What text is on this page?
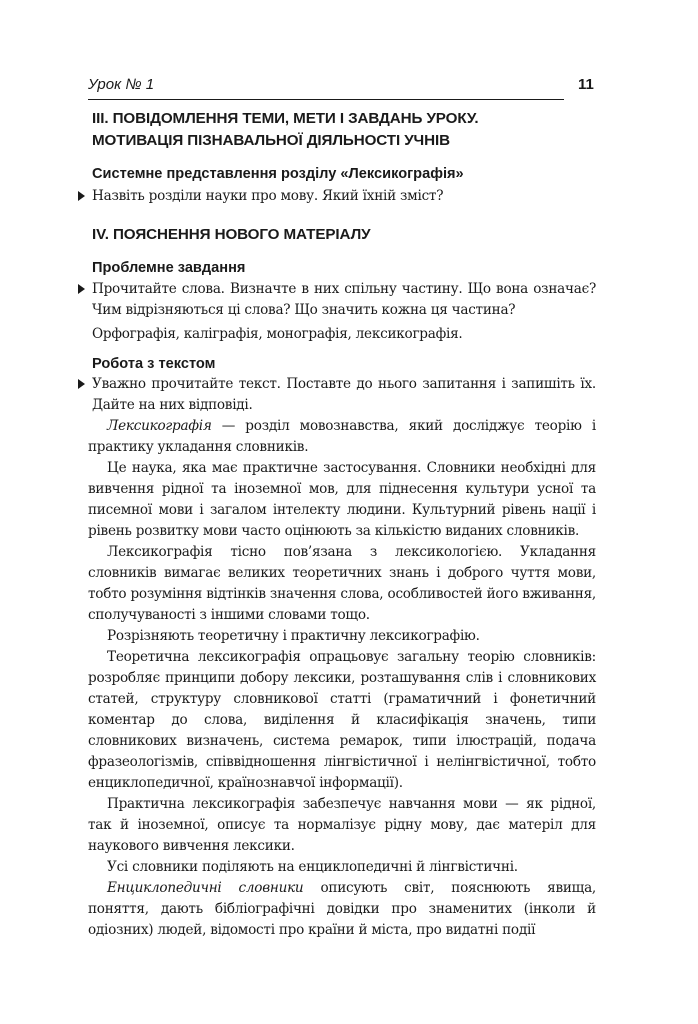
Урок № 1	11
III. ПОВІДОМЛЕННЯ ТЕМИ, МЕТИ І ЗАВДАНЬ УРОКУ.
МОТИВАЦІЯ ПІЗНАВАЛЬНОЇ ДІЯЛЬНОСТІ УЧНІВ
Системне представлення розділу «Лексикографія»
Назвіть розділи науки про мову. Який їхній зміст?
IV. ПОЯСНЕННЯ НОВОГО МАТЕРІАЛУ
Проблемне завдання
Прочитайте слова. Визначте в них спільну частину. Що вона означає? Чим відрізняються ці слова? Що значить кожна ця частина?

Орфографія, каліграфія, монографія, лексикографія.

Робота з текстом
Уважно прочитайте текст. Поставте до нього запитання і запишіть їх. Дайте на них відповіді.

Лексикографія — розділ мовознавства, який досліджує теорію і практику укладання словників.

Це наука, яка має практичне застосування. Словники необхідні для вивчення рідної та іноземної мов, для піднесення культури усної та писемної мови і загалом інтелекту людини. Культурний рівень нації і рівень розвитку мови часто оцінюють за кількістю виданих словників.

Лексикографія тісно пов’язана з лексикологією. Укладання словників вимагає великих теоретичних знань і доброго чуття мови, тобто розуміння відтінків значення слова, особливостей його вживання, сполучуваності з іншими словами тощо.

Розрізняють теоретичну і практичну лексикографію.

Теоретична лексикографія опрацьовує загальну теорію словників: розробляє принципи добору лексики, розташування слів і словникових статей, структуру словникової статті (граматичний і фонетичний коментар до слова, виділення й класифікація значень, типи словникових визначень, система ремарок, типи ілюстрацій, подача фразеологізмів, співвідношення лінгвістичної і нелінгвістичної, тобто енциклопедичної, країнознавчої інформації).

Практична лексикографія забезпечує навчання мови — як рідної, так й іноземної, описує та нормалізує рідну мову, дає матеріл для наукового вивчення лексики.

Усі словники поділяють на енциклопедичні й лінгвістичні.

Енциклопедичні словники описують світ, пояснюють явища, поняття, дають бібліографічні довідки про знаменитих (інколи й одіозних) людей, відомості про країни й міста, про видатні події
